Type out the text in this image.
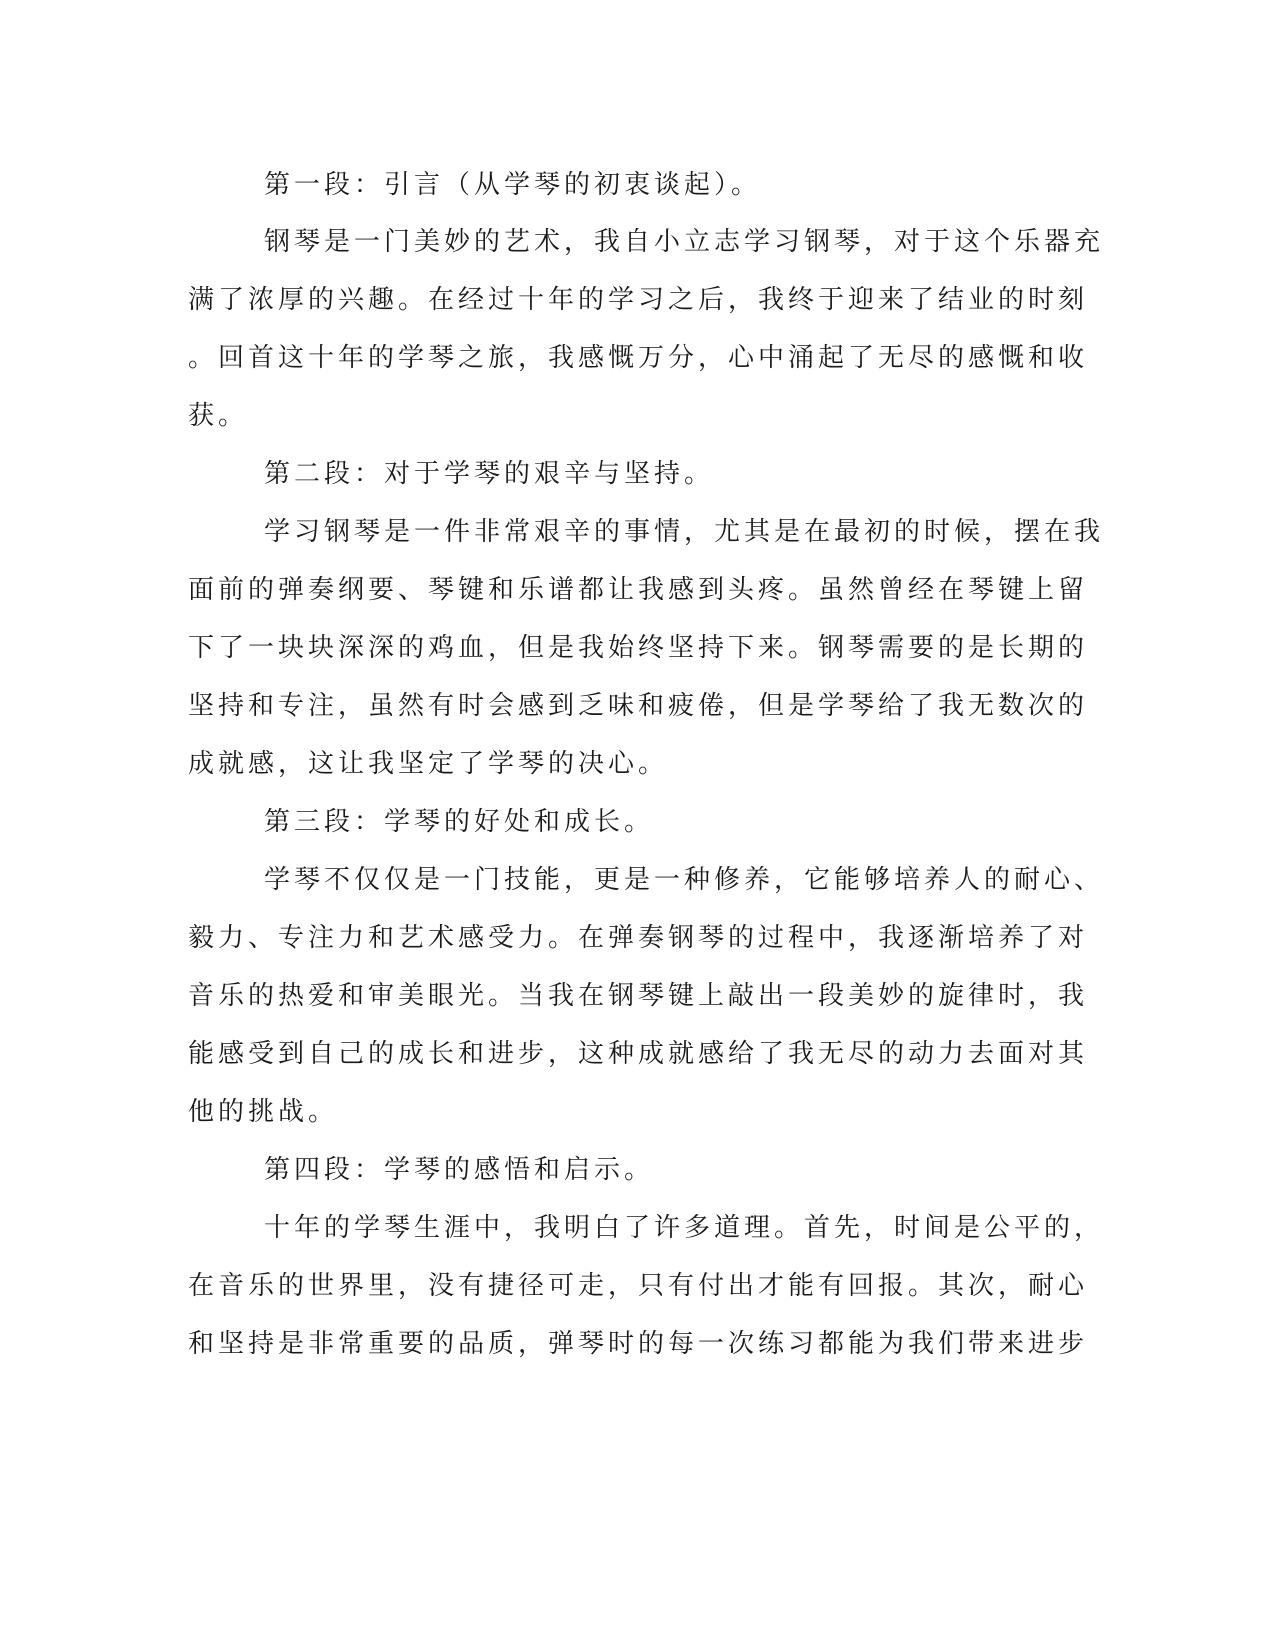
第一段：引言（从学琴的初衷谈起）。

钢琴是一门美妙的艺术，我自小立志学习钢琴，对于这个乐器充

满了浓厚的兴趣。在经过十年的学习之后，我终于迎来了结业的时刻

。回首这十年的学琴之旅，我感慨万分，心中涌起了无尽的感慨和收

获。

第二段：对于学琴的艰辛与坚持。

学习钢琴是一件非常艰辛的事情，尤其是在最初的时候，摆在我

面前的弹奏纲要、琴键和乐谱都让我感到头疼。虽然曾经在琴键上留

下了一块块深深的鸡血，但是我始终坚持下来。钢琴需要的是长期的

坚持和专注，虽然有时会感到乏味和疲倦，但是学琴给了我无数次的

成就感，这让我坚定了学琴的决心。

第三段：学琴的好处和成长。

学琴不仅仅是一门技能，更是一种修养，它能够培养人的耐心、

毅力、专注力和艺术感受力。在弹奏钢琴的过程中，我逐渐培养了对

音乐的热爱和审美眼光。当我在钢琴键上敲出一段美妙的旋律时，我

能感受到自己的成长和进步，这种成就感给了我无尽的动力去面对其

他的挑战。

第四段：学琴的感悟和启示。

十年的学琴生涯中，我明白了许多道理。首先，时间是公平的，

在音乐的世界里，没有捷径可走，只有付出才能有回报。其次，耐心

和坚持是非常重要的品质，弹琴时的每一次练习都能为我们带来进步
